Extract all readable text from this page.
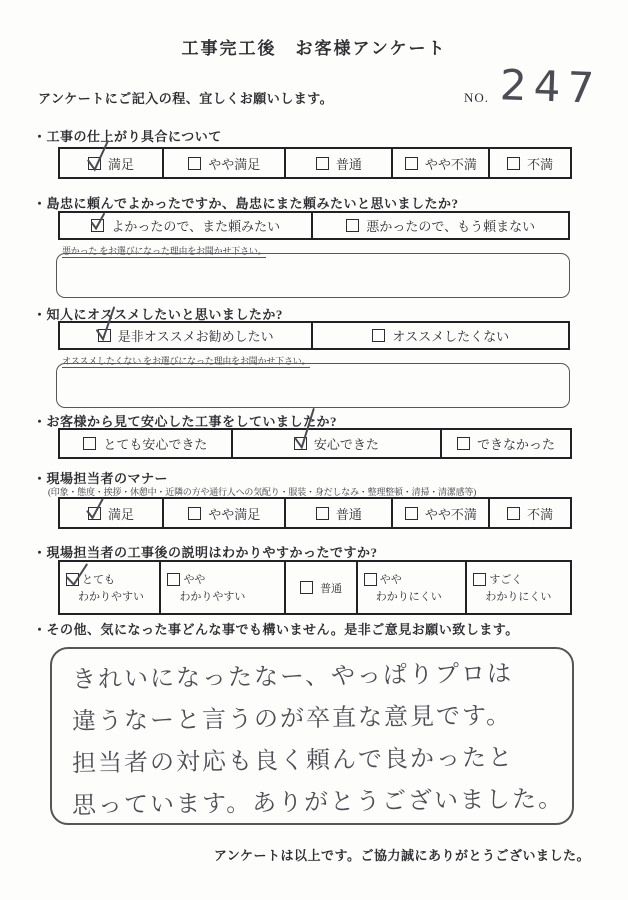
工事完工後　お客様アンケート
アンケートにご記入の程、宜しくお願いします。	NO. 247
・工事の仕上がり具合について
満足	やや満足	普通	やや不満	不満
・島忠に頼んでよかったですか、島忠にまた頼みたいと思いましたか?
よかったので、また頼みたい	悪かったので、もう頼まない
悪かった をお選びになった理由をお聞かせ下さい。
・知人にオススメしたいと思いましたか?
是非オススメお勧めしたい	オススメしたくない
オススメしたくない をお選びになった理由をお聞かせ下さい。
・お客様から見て安心した工事をしていましたか?
とても安心できた	安心できた	できなかった
・現場担当者のマナー
(印象・態度・挨拶・休憩中・近隣の方や通行人への気配り・服装・身だしなみ・整理整頓・清掃・清潔感等)
満足	やや満足	普通	やや不満	不満
・現場担当者の工事後の説明はわかりやすかったですか?
とても
わかりやすい
やや
わかりやすい
普通
やや
わかりにくい
すごく
わかりにくい
・その他、気になった事どんな事でも構いません。是非ご意見お願い致します。
きれいになったなー、やっぱりプロは
違うなーと言うのが卒直な意見です。
担当者の対応も良く頼んで良かったと
思っています。ありがとうございました。
アンケートは以上です。ご協力誠にありがとうございました。
